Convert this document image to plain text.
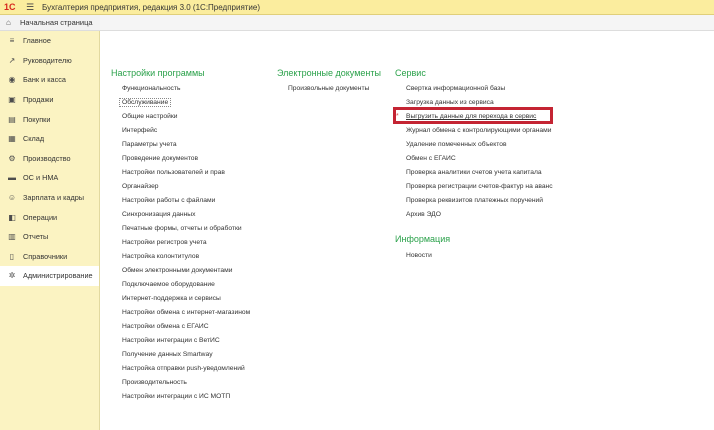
1С	☰ Бухгалтерия предприятия, редакция 3.0 (1С:Предприятие)
⌂	Начальная страница
≡	Главное
↗ Руководителю
◉ Банк и касса
▣ Продажи
▤ Покупки
▦ Склад
⚙ Производство
▬ ОС и НМА
☺ Зарплата и кадры
◧ Операции
▥ Отчеты
▯	Справочники
✲ Администрирование
Настройки программы
Функциональность
Обслуживание
Общие настройки
Интерфейс
Параметры учета
Проведение документов
Настройки пользователей и прав
Органайзер
Настройки работы с файлами
Синхронизация данных
Печатные формы, отчеты и обработки
Настройки регистров учета
Настройка колонтитулов
Обмен электронными документами
Подключаемое оборудование
Интернет-поддержка и сервисы
Настройки обмена с интернет-магазином
Настройки обмена с ЕГАИС
Настройки интеграции с ВетИС
Получение данных Smartway
Настройка отправки push-уведомлений
Производительность
Настройки интеграции с ИС МОТП
Электронные документы
Произвольные документы
Сервис
Свертка информационной базы
Загрузка данных из сервиса
* Выгрузить данные для перехода в сервис
Журнал обмена с контролирующими органами
Удаление помеченных объектов
Обмен с ЕГАИС
Проверка аналитики счетов учета капитала
Проверка регистрации счетов-фактур на аванс
Проверка реквизитов платежных поручений
Архив ЭДО
Информация
Новости
